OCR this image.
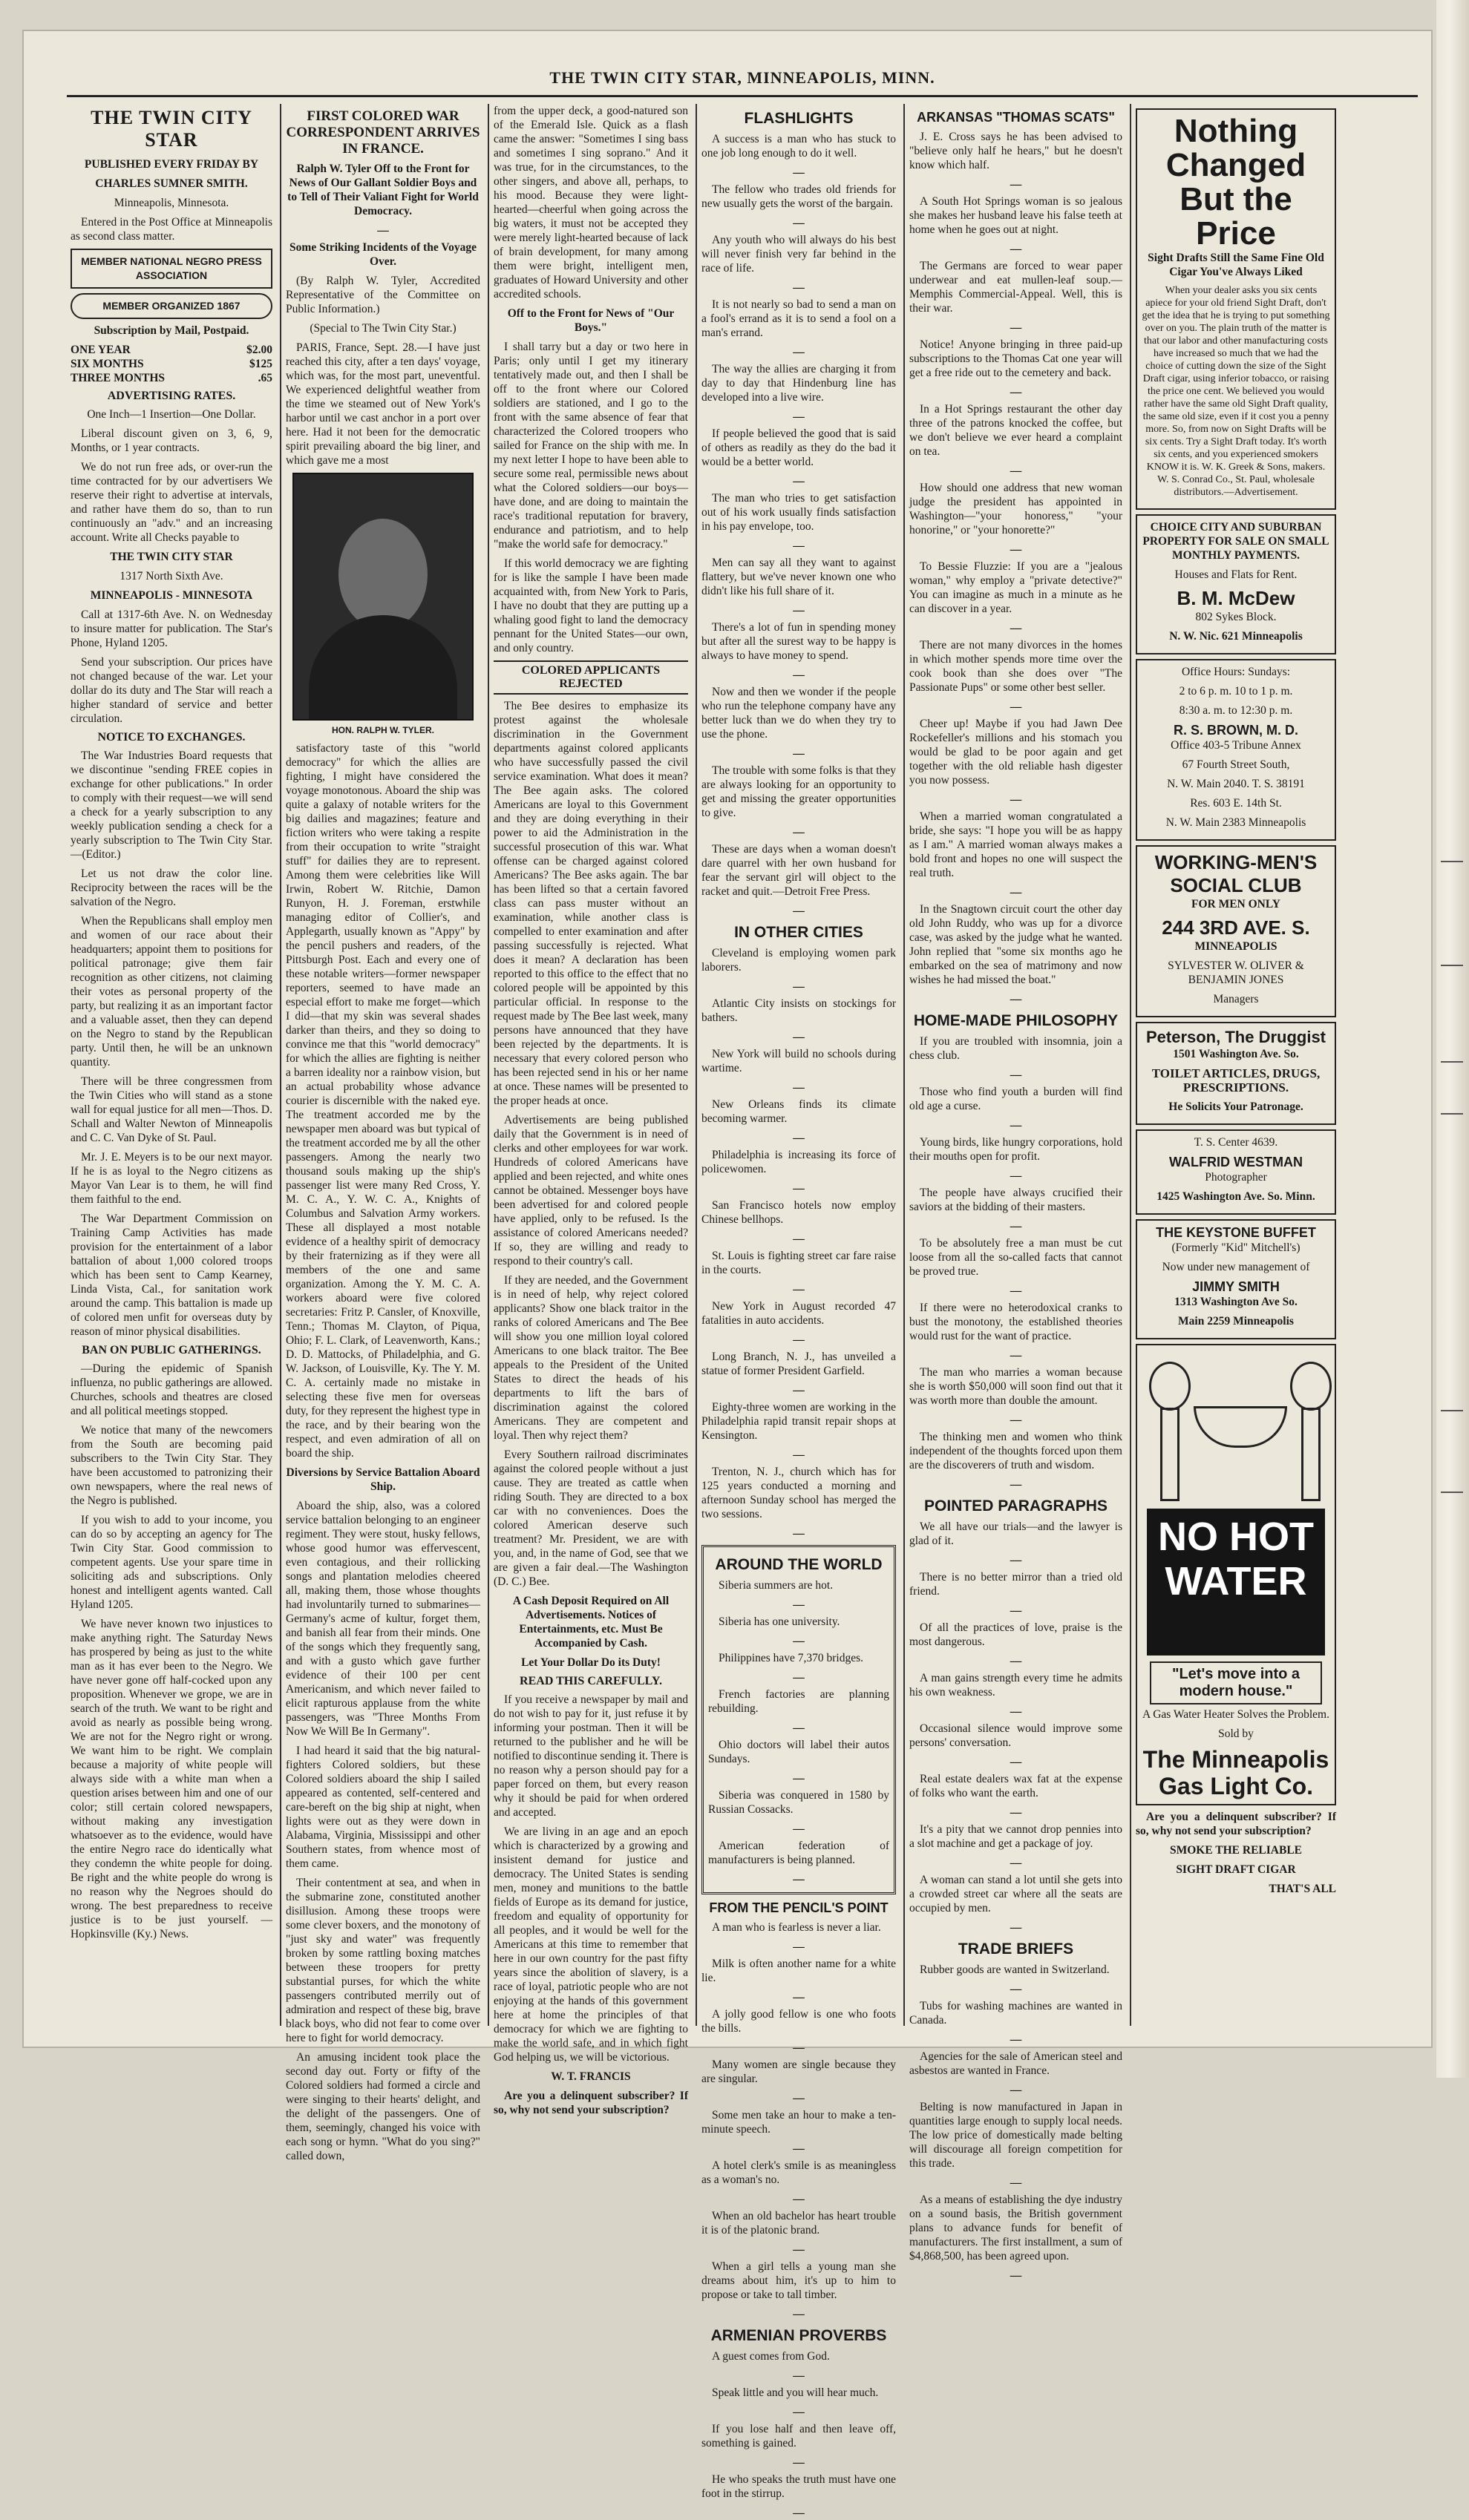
THE TWIN CITY STAR, MINNEAPOLIS, MINN.
THE TWIN CITY STAR

PUBLISHED EVERY FRIDAY BY

CHARLES SUMNER SMITH.

Minneapolis, Minnesota.

Entered in the Post Office at Minneapolis as second class matter.

MEMBER NATIONAL NEGRO PRESS ASSOCIATION
MEMBER ORGANIZED 1867

Subscription by Mail, Postpaid.

ONE YEAR	$2.00
SIX MONTHS	$125
THREE MONTHS	.65
ADVERTISING RATES.

One Inch—1 Insertion—One Dollar.

Liberal discount given on 3, 6, 9, Months, or 1 year contracts.

We do not run free ads, or over-run the time contracted for by our advertisers We reserve their right to advertise at intervals, and rather have them do so, than to run continuously an "adv." and an increasing account. Write all Checks payable to

THE TWIN CITY STAR

1317 North Sixth Ave.

MINNEAPOLIS - MINNESOTA

Call at 1317-6th Ave. N. on Wednesday to insure matter for publication. The Star's Phone, Hyland 1205.

Send your subscription. Our prices have not changed because of the war. Let your dollar do its duty and The Star will reach a higher standard of service and better circulation.

NOTICE TO EXCHANGES.

The War Industries Board requests that we discontinue "sending FREE copies in exchange for other publications." In order to comply with their request—we will send a check for a yearly subscription to any weekly publication sending a check for a yearly subscription to The Twin City Star.—(Editor.)

Let us not draw the color line. Reciprocity between the races will be the salvation of the Negro.

When the Republicans shall employ men and women of our race about their headquarters; appoint them to positions for political patronage; give them fair recognition as other citizens, not claiming their votes as personal property of the party, but realizing it as an important factor and a valuable asset, then they can depend on the Negro to stand by the Republican party. Until then, he will be an unknown quantity.

There will be three congressmen from the Twin Cities who will stand as a stone wall for equal justice for all men—Thos. D. Schall and Walter Newton of Minneapolis and C. C. Van Dyke of St. Paul.

Mr. J. E. Meyers is to be our next mayor. If he is as loyal to the Negro citizens as Mayor Van Lear is to them, he will find them faithful to the end.

The War Department Commission on Training Camp Activities has made provision for the entertainment of a labor battalion of about 1,000 colored troops which has been sent to Camp Kearney, Linda Vista, Cal., for sanitation work around the camp. This battalion is made up of colored men unfit for overseas duty by reason of minor physical disabilities.

BAN ON PUBLIC GATHERINGS.

—During the epidemic of Spanish influenza, no public gatherings are allowed. Churches, schools and theatres are closed and all political meetings stopped.

We notice that many of the newcomers from the South are becoming paid subscribers to the Twin City Star. They have been accustomed to patronizing their own newspapers, where the real news of the Negro is published.

If you wish to add to your income, you can do so by accepting an agency for The Twin City Star. Good commission to competent agents. Use your spare time in soliciting ads and subscriptions. Only honest and intelligent agents wanted. Call Hyland 1205.

We have never known two injustices to make anything right. The Saturday News has prospered by being as just to the white man as it has ever been to the Negro. We have never gone off half-cocked upon any proposition. Whenever we grope, we are in search of the truth. We want to be right and avoid as nearly as possible being wrong. We are not for the Negro right or wrong. We want him to be right. We complain because a majority of white people will always side with a white man when a question arises between him and one of our color; still certain colored newspapers, without making any investigation whatsoever as to the evidence, would have the entire Negro race do identically what they condemn the white people for doing. Be right and the white people do wrong is no reason why the Negroes should do wrong. The best preparedness to receive justice is to be just yourself. —Hopkinsville (Ky.) News.

FIRST COLORED WAR CORRESPONDENT ARRIVES IN FRANCE.

Ralph W. Tyler Off to the Front for News of Our Gallant Soldier Boys and to Tell of Their Valiant Fight for World Democracy.

—

Some Striking Incidents of the Voyage Over.

(By Ralph W. Tyler, Accredited Representative of the Committee on Public Information.)

(Special to The Twin City Star.)

PARIS, France, Sept. 28.—I have just reached this city, after a ten days' voyage, which was, for the most part, uneventful. We experienced delightful weather from the time we steamed out of New York's harbor until we cast anchor in a port over here. Had it not been for the democratic spirit prevailing aboard the big liner, and which gave me a most

HON. RALPH W. TYLER.

satisfactory taste of this "world democracy" for which the allies are fighting, I might have considered the voyage monotonous. Aboard the ship was quite a galaxy of notable writers for the big dailies and magazines; feature and fiction writers who were taking a respite from their occupation to write "straight stuff" for dailies they are to represent. Among them were celebrities like Will Irwin, Robert W. Ritchie, Damon Runyon, H. J. Foreman, erstwhile managing editor of Collier's, and Applegarth, usually known as "Appy" by the pencil pushers and readers, of the Pittsburgh Post. Each and every one of these notable writers—former newspaper reporters, seemed to have made an especial effort to make me forget—which I did—that my skin was several shades darker than theirs, and they so doing to convince me that this "world democracy" for which the allies are fighting is neither a barren ideality nor a rainbow vision, but an actual probability whose advance courier is discernible with the naked eye. The treatment accorded me by the newspaper men aboard was but typical of the treatment accorded me by all the other passengers. Among the nearly two thousand souls making up the ship's passenger list were many Red Cross, Y. M. C. A., Y. W. C. A., Knights of Columbus and Salvation Army workers. These all displayed a most notable evidence of a healthy spirit of democracy by their fraternizing as if they were all members of the one and same organization. Among the Y. M. C. A. workers aboard were five colored secretaries: Fritz P. Cansler, of Knoxville, Tenn.; Thomas M. Clayton, of Piqua, Ohio; F. L. Clark, of Leavenworth, Kans.; D. D. Mattocks, of Philadelphia, and G. W. Jackson, of Louisville, Ky. The Y. M. C. A. certainly made no mistake in selecting these five men for overseas duty, for they represent the highest type in the race, and by their bearing won the respect, and even admiration of all on board the ship.

Diversions by Service Battalion Aboard Ship.

Aboard the ship, also, was a colored service battalion belonging to an engineer regiment. They were stout, husky fellows, whose good humor was effervescent, even contagious, and their rollicking songs and plantation melodies cheered all, making them, those whose thoughts had involuntarily turned to submarines—Germany's acme of kultur, forget them, and banish all fear from their minds. One of the songs which they frequently sang, and with a gusto which gave further evidence of their 100 per cent Americanism, and which never failed to elicit rapturous applause from the white passengers, was "Three Months From Now We Will Be In Germany".

I had heard it said that the big natural-fighters Colored soldiers, but these Colored soldiers aboard the ship I sailed appeared as contented, self-centered and care-bereft on the big ship at night, when lights were out as they were down in Alabama, Virginia, Mississippi and other Southern states, from whence most of them came.

Their contentment at sea, and when in the submarine zone, constituted another disillusion. Among these troops were some clever boxers, and the monotony of "just sky and water" was frequently broken by some rattling boxing matches between these troopers for pretty substantial purses, for which the white passengers contributed merrily out of admiration and respect of these big, brave black boys, who did not fear to come over here to fight for world democracy.

An amusing incident took place the second day out. Forty or fifty of the Colored soldiers had formed a circle and were singing to their hearts' delight, and the delight of the passengers. One of them, seemingly, changed his voice with each song or hymn. "What do you sing?" called down,

from the upper deck, a good-natured son of the Emerald Isle. Quick as a flash came the answer: "Sometimes I sing bass and sometimes I sing soprano." And it was true, for in the circumstances, to the other singers, and above all, perhaps, to his mood. Because they were light-hearted—cheerful when going across the big waters, it must not be accepted they were merely light-hearted because of lack of brain development, for many among them were bright, intelligent men, graduates of Howard University and other accredited schools.

Off to the Front for News of "Our Boys."

I shall tarry but a day or two here in Paris; only until I get my itinerary tentatively made out, and then I shall be off to the front where our Colored soldiers are stationed, and I go to the front with the same absence of fear that characterized the Colored troopers who sailed for France on the ship with me. In my next letter I hope to have been able to secure some real, permissible news about what the Colored soldiers—our boys—have done, and are doing to maintain the race's traditional reputation for bravery, endurance and patriotism, and to help "make the world safe for democracy."

If this world democracy we are fighting for is like the sample I have been made acquainted with, from New York to Paris, I have no doubt that they are putting up a whaling good fight to land the democracy pennant for the United States—our own, and only country.

COLORED APPLICANTS REJECTED

The Bee desires to emphasize its protest against the wholesale discrimination in the Government departments against colored applicants who have successfully passed the civil service examination. What does it mean? The Bee again asks. The colored Americans are loyal to this Government and they are doing everything in their power to aid the Administration in the successful prosecution of this war. What offense can be charged against colored Americans? The Bee asks again. The bar has been lifted so that a certain favored class can pass muster without an examination, while another class is compelled to enter examination and after passing successfully is rejected. What does it mean? A declaration has been reported to this office to the effect that no colored people will be appointed by this particular official. In response to the request made by The Bee last week, many persons have announced that they have been rejected by the departments. It is necessary that every colored person who has been rejected send in his or her name at once. These names will be presented to the proper heads at once.

Advertisements are being published daily that the Government is in need of clerks and other employees for war work. Hundreds of colored Americans have applied and been rejected, and white ones cannot be obtained. Messenger boys have been advertised for and colored people have applied, only to be refused. Is the assistance of colored Americans needed? If so, they are willing and ready to respond to their country's call.

If they are needed, and the Government is in need of help, why reject colored applicants? Show one black traitor in the ranks of colored Americans and The Bee will show you one million loyal colored Americans to one black traitor. The Bee appeals to the President of the United States to direct the heads of his departments to lift the bars of discrimination against the colored Americans. They are competent and loyal. Then why reject them?

Every Southern railroad discriminates against the colored people without a just cause. They are treated as cattle when riding South. They are directed to a box car with no conveniences. Does the colored American deserve such treatment? Mr. President, we are with you, and, in the name of God, see that we are given a fair deal.—The Washington (D. C.) Bee.

A Cash Deposit Required on All Advertisements. Notices of Entertainments, etc. Must Be Accompanied by Cash.

Let Your Dollar Do its Duty!

READ THIS CAREFULLY.

If you receive a newspaper by mail and do not wish to pay for it, just refuse it by informing your postman. Then it will be returned to the publisher and he will be notified to discontinue sending it. There is no reason why a person should pay for a paper forced on them, but every reason why it should be paid for when ordered and accepted.

We are living in an age and an epoch which is characterized by a growing and insistent demand for justice and democracy. The United States is sending men, money and munitions to the battle fields of Europe as its demand for justice, freedom and equality of opportunity for all peoples, and it would be well for the Americans at this time to remember that here in our own country for the past fifty years since the abolition of slavery, is a race of loyal, patriotic people who are not enjoying at the hands of this government here at home the principles of that democracy for which we are fighting to make the world safe, and in which fight God helping us, we will be victorious.

W. T. FRANCIS

Are you a delinquent subscriber? If so, why not send your subscription?

FLASHLIGHTS

A success is a man who has stuck to one job long enough to do it well.

—

The fellow who trades old friends for new usually gets the worst of the bargain.

—

Any youth who will always do his best will never finish very far behind in the race of life.

—

It is not nearly so bad to send a man on a fool's errand as it is to send a fool on a man's errand.

—

The way the allies are charging it from day to day that Hindenburg line has developed into a live wire.

—

If people believed the good that is said of others as readily as they do the bad it would be a better world.

—

The man who tries to get satisfaction out of his work usually finds satisfaction in his pay envelope, too.

—

Men can say all they want to against flattery, but we've never known one who didn't like his full share of it.

—

There's a lot of fun in spending money but after all the surest way to be happy is always to have money to spend.

—

Now and then we wonder if the people who run the telephone company have any better luck than we do when they try to use the phone.

—

The trouble with some folks is that they are always looking for an opportunity to get and missing the greater opportunities to give.

—

These are days when a woman doesn't dare quarrel with her own husband for fear the servant girl will object to the racket and quit.—Detroit Free Press.

—
IN OTHER CITIES

Cleveland is employing women park laborers.

—

Atlantic City insists on stockings for bathers.

—

New York will build no schools during wartime.

—

New Orleans finds its climate becoming warmer.

—

Philadelphia is increasing its force of policewomen.

—

San Francisco hotels now employ Chinese bellhops.

—

St. Louis is fighting street car fare raise in the courts.

—

New York in August recorded 47 fatalities in auto accidents.

—

Long Branch, N. J., has unveiled a statue of former President Garfield.

—

Eighty-three women are working in the Philadelphia rapid transit repair shops at Kensington.

—

Trenton, N. J., church which has for 125 years conducted a morning and afternoon Sunday school has merged the two sessions.

—
AROUND THE WORLD

Siberia summers are hot.

—

Siberia has one university.

—

Philippines have 7,370 bridges.

—

French factories are planning rebuilding.

—

Ohio doctors will label their autos Sundays.

—

Siberia was conquered in 1580 by Russian Cossacks.

—

American federation of manufacturers is being planned.

—
FROM THE PENCIL'S POINT

A man who is fearless is never a liar.

—

Milk is often another name for a white lie.

—

A jolly good fellow is one who foots the bills.

—

Many women are single because they are singular.

—

Some men take an hour to make a ten-minute speech.

—

A hotel clerk's smile is as meaningless as a woman's no.

—

When an old bachelor has heart trouble it is of the platonic brand.

—

When a girl tells a young man she dreams about him, it's up to him to propose or take to tall timber.

—
ARMENIAN PROVERBS

A guest comes from God.

—

Speak little and you will hear much.

—

If you lose half and then leave off, something is gained.

—

He who speaks the truth must have one foot in the stirrup.

—
ARKANSAS "THOMAS SCATS"

J. E. Cross says he has been advised to "believe only half he hears," but he doesn't know which half.

—

A South Hot Springs woman is so jealous she makes her husband leave his false teeth at home when he goes out at night.

—

The Germans are forced to wear paper underwear and eat mullen-leaf soup.—Memphis Commercial-Appeal. Well, this is their war.

—

Notice! Anyone bringing in three paid-up subscriptions to the Thomas Cat one year will get a free ride out to the cemetery and back.

—

In a Hot Springs restaurant the other day three of the patrons knocked the coffee, but we don't believe we ever heard a complaint on tea.

—

How should one address that new woman judge the president has appointed in Washington—"your honoress," "your honorine," or "your honorette?"

—

To Bessie Fluzzie: If you are a "jealous woman," why employ a "private detective?" You can imagine as much in a minute as he can discover in a year.

—

There are not many divorces in the homes in which mother spends more time over the cook book than she does over "The Passionate Pups" or some other best seller.

—

Cheer up! Maybe if you had Jawn Dee Rockefeller's millions and his stomach you would be glad to be poor again and get together with the old reliable hash digester you now possess.

—

When a married woman congratulated a bride, she says: "I hope you will be as happy as I am." A married woman always makes a bold front and hopes no one will suspect the real truth.

—

In the Snagtown circuit court the other day old John Ruddy, who was up for a divorce case, was asked by the judge what he wanted. John replied that "some six months ago he embarked on the sea of matrimony and now wishes he had missed the boat."

—
HOME-MADE PHILOSOPHY

If you are troubled with insomnia, join a chess club.

—

Those who find youth a burden will find old age a curse.

—

Young birds, like hungry corporations, hold their mouths open for profit.

—

The people have always crucified their saviors at the bidding of their masters.

—

To be absolutely free a man must be cut loose from all the so-called facts that cannot be proved true.

—

If there were no heterodoxical cranks to bust the monotony, the established theories would rust for the want of practice.

—

The man who marries a woman because she is worth $50,000 will soon find out that it was worth more than double the amount.

—

The thinking men and women who think independent of the thoughts forced upon them are the discoverers of truth and wisdom.

—
POINTED PARAGRAPHS

We all have our trials—and the lawyer is glad of it.

—

There is no better mirror than a tried old friend.

—

Of all the practices of love, praise is the most dangerous.

—

A man gains strength every time he admits his own weakness.

—

Occasional silence would improve some persons' conversation.

—

Real estate dealers wax fat at the expense of folks who want the earth.

—

It's a pity that we cannot drop pennies into a slot machine and get a package of joy.

—

A woman can stand a lot until she gets into a crowded street car where all the seats are occupied by men.

—
TRADE BRIEFS

Rubber goods are wanted in Switzerland.

—

Tubs for washing machines are wanted in Canada.

—

Agencies for the sale of American steel and asbestos are wanted in France.

—

Belting is now manufactured in Japan in quantities large enough to supply local needs. The low price of domestically made belting will discourage all foreign competition for this trade.

—

As a means of establishing the dye industry on a sound basis, the British government plans to advance funds for benefit of manufacturers. The first installment, a sum of $4,868,500, has been agreed upon.

—
Nothing Changed
But the Price

Sight Drafts Still the Same Fine Old Cigar You've Always Liked

When your dealer asks you six cents apiece for your old friend Sight Draft, don't get the idea that he is trying to put something over on you. The plain truth of the matter is that our labor and other manufacturing costs have increased so much that we had the choice of cutting down the size of the Sight Draft cigar, using inferior tobacco, or raising the price one cent. We believed you would rather have the same old Sight Draft quality, the same old size, even if it cost you a penny more. So, from now on Sight Drafts will be six cents. Try a Sight Draft today. It's worth six cents, and you experienced smokers KNOW it is. W. K. Greek & Sons, makers. W. S. Conrad Co., St. Paul, wholesale distributors.—Advertisement.

CHOICE CITY AND SUBURBAN PROPERTY FOR SALE ON SMALL MONTHLY PAYMENTS.

Houses and Flats for Rent.

B. M. McDew

802 Sykes Block.

N. W. Nic. 621 Minneapolis

Office Hours: Sundays:

2 to 6 p. m. 10 to 1 p. m.

8:30 a. m. to 12:30 p. m.

R. S. BROWN, M. D.

Office 403-5 Tribune Annex

67 Fourth Street South,

N. W. Main 2040. T. S. 38191

Res. 603 E. 14th St.

N. W. Main 2383 Minneapolis

WORKING-MEN'S
SOCIAL CLUB

FOR MEN ONLY

244 3RD AVE. S.

MINNEAPOLIS

SYLVESTER W. OLIVER & BENJAMIN JONES

Managers

Peterson, The Druggist

1501 Washington Ave. So.

TOILET ARTICLES, DRUGS, PRESCRIPTIONS.

He Solicits Your Patronage.

T. S. Center 4639.

WALFRID WESTMAN

Photographer

1425 Washington Ave. So. Minn.

THE KEYSTONE BUFFET

(Formerly "Kid" Mitchell's)

Now under new management of

JIMMY SMITH

1313 Washington Ave So.

Main 2259 Minneapolis

NO HOT WATER
"Let's move into a modern house."

A Gas Water Heater Solves the Problem.

Sold by

The Minneapolis Gas Light Co.

Are you a delinquent subscriber? If so, why not send your subscription?

SMOKE THE RELIABLE

SIGHT DRAFT CIGAR

THAT'S ALL
